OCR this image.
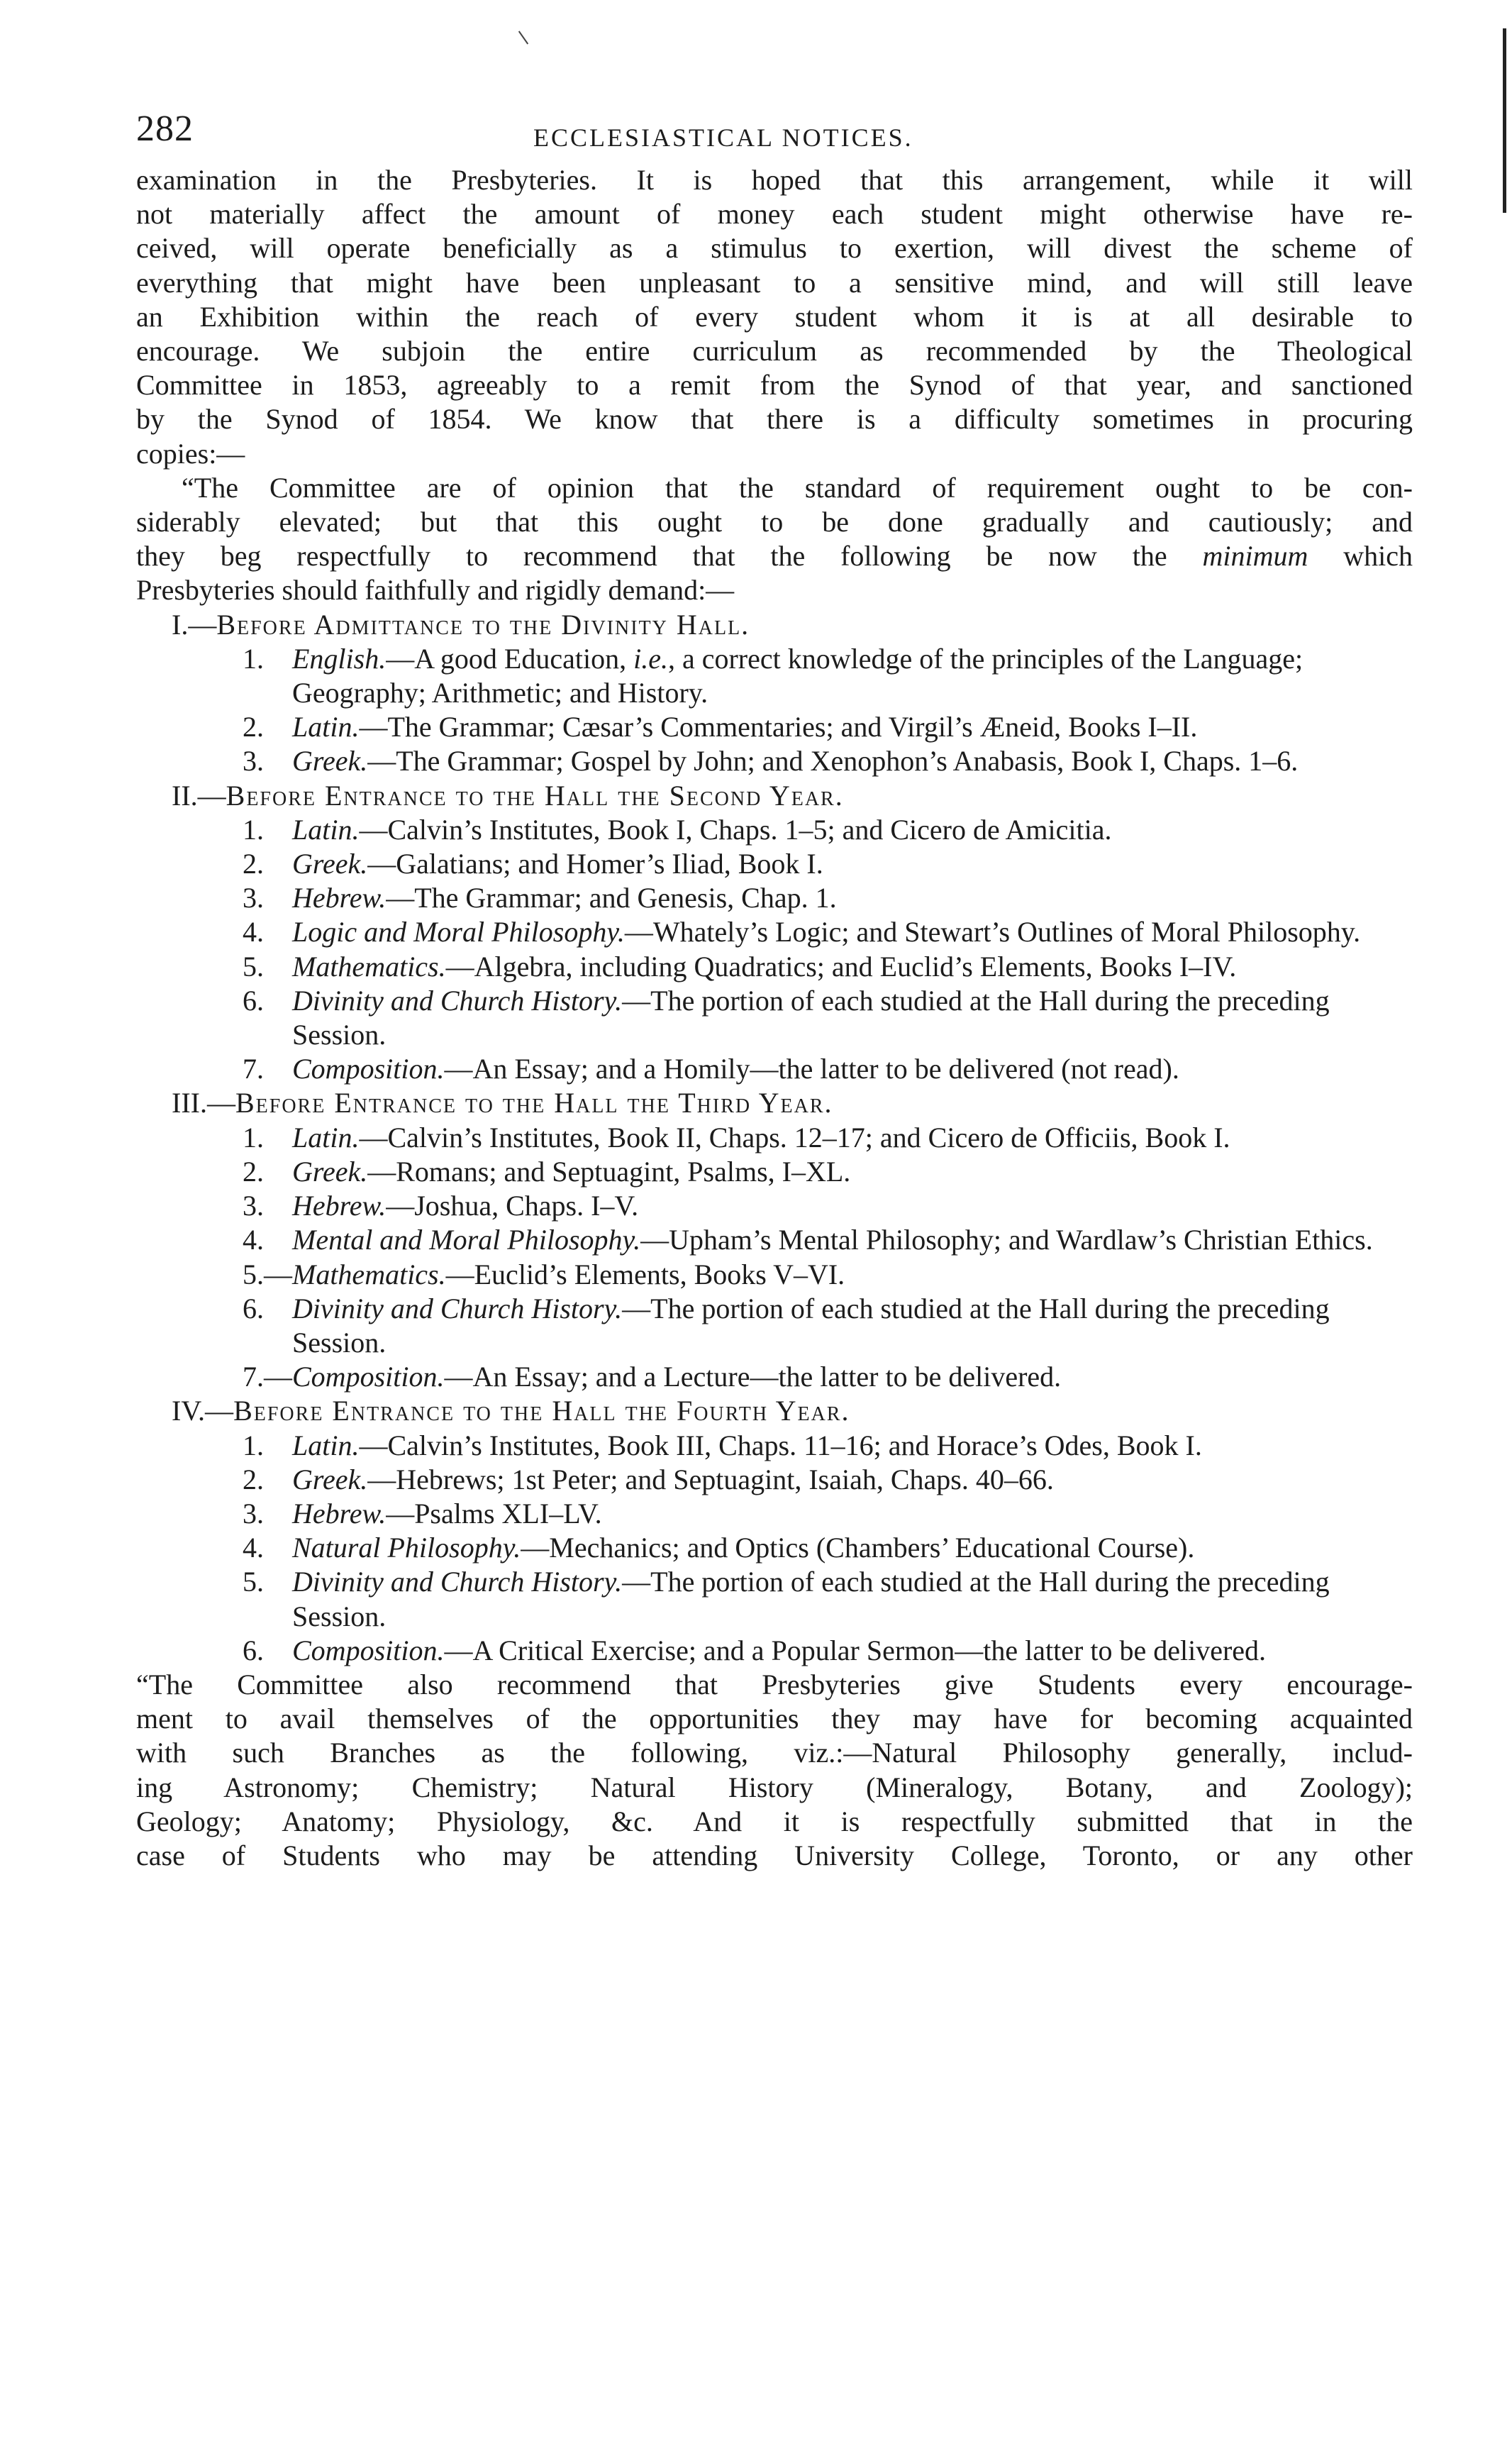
282	ECCLESIASTICAL NOTICES.
examination in the Presbyteries. It is hoped that this arrangement, while it will
not materially affect the amount of money each student might otherwise have re-
ceived, will operate beneficially as a stimulus to exertion, will divest the scheme of
everything that might have been unpleasant to a sensitive mind, and will still leave
an Exhibition within the reach of every student whom it is at all desirable to
encourage. We subjoin the entire curriculum as recommended by the Theological
Committee in 1853, agreeably to a remit from the Synod of that year, and sanctioned
by the Synod of 1854. We know that there is a difficulty sometimes in procuring
copies:—
“The Committee are of opinion that the standard of requirement ought to be con-
siderably elevated; but that this ought to be done gradually and cautiously; and
they beg respectfully to recommend that the following be now the minimum which
Presbyteries should faithfully and rigidly demand:—
I.—Before Admittance to the Divinity Hall.
1. English.—A good Education, i.e., a correct knowledge of the principles of the Language; Geography; Arithmetic; and History.
2. Latin.—The Grammar; Cæsar’s Commentaries; and Virgil’s Æneid, Books I–II.
3. Greek.—The Grammar; Gospel by John; and Xenophon’s Anabasis, Book I, Chaps. 1–6.
II.—Before Entrance to the Hall the Second Year.
1. Latin.—Calvin’s Institutes, Book I, Chaps. 1–5; and Cicero de Amicitia.
2. Greek.—Galatians; and Homer’s Iliad, Book I.
3. Hebrew.—The Grammar; and Genesis, Chap. 1.
4. Logic and Moral Philosophy.—Whately’s Logic; and Stewart’s Outlines of Moral Philosophy.
5. Mathematics.—Algebra, including Quadratics; and Euclid’s Elements, Books I–IV.
6. Divinity and Church History.—The portion of each studied at the Hall during the preceding Session.
7. Composition.—An Essay; and a Homily—the latter to be delivered (not read).
III.—Before Entrance to the Hall the Third Year.
1. Latin.—Calvin’s Institutes, Book II, Chaps. 12–17; and Cicero de Officiis, Book I.
2. Greek.—Romans; and Septuagint, Psalms, I–XL.
3. Hebrew.—Joshua, Chaps. I–V.
4. Mental and Moral Philosophy.—Upham’s Mental Philosophy; and Wardlaw’s Christian Ethics.
5.— Mathematics.—Euclid’s Elements, Books V–VI.
6. Divinity and Church History.—The portion of each studied at the Hall during the preceding Session.
7.— Composition.—An Essay; and a Lecture—the latter to be delivered.
IV.—Before Entrance to the Hall the Fourth Year.
1. Latin.—Calvin’s Institutes, Book III, Chaps. 11–16; and Horace’s Odes, Book I.
2. Greek.—Hebrews; 1st Peter; and Septuagint, Isaiah, Chaps. 40–66.
3. Hebrew.—Psalms XLI–LV.
4. Natural Philosophy.—Mechanics; and Optics (Chambers’ Educational Course).
5. Divinity and Church History.—The portion of each studied at the Hall during the preceding Session.
6. Composition.—A Critical Exercise; and a Popular Sermon—the latter to be delivered.
“The Committee also recommend that Presbyteries give Students every encourage-
ment to avail themselves of the opportunities they may have for becoming acquainted
with such Branches as the following, viz.:—Natural Philosophy generally, includ-
ing Astronomy; Chemistry; Natural History (Mineralogy, Botany, and Zoology);
Geology; Anatomy; Physiology, &c. And it is respectfully submitted that in the
case of Students who may be attending University College, Toronto, or any other
